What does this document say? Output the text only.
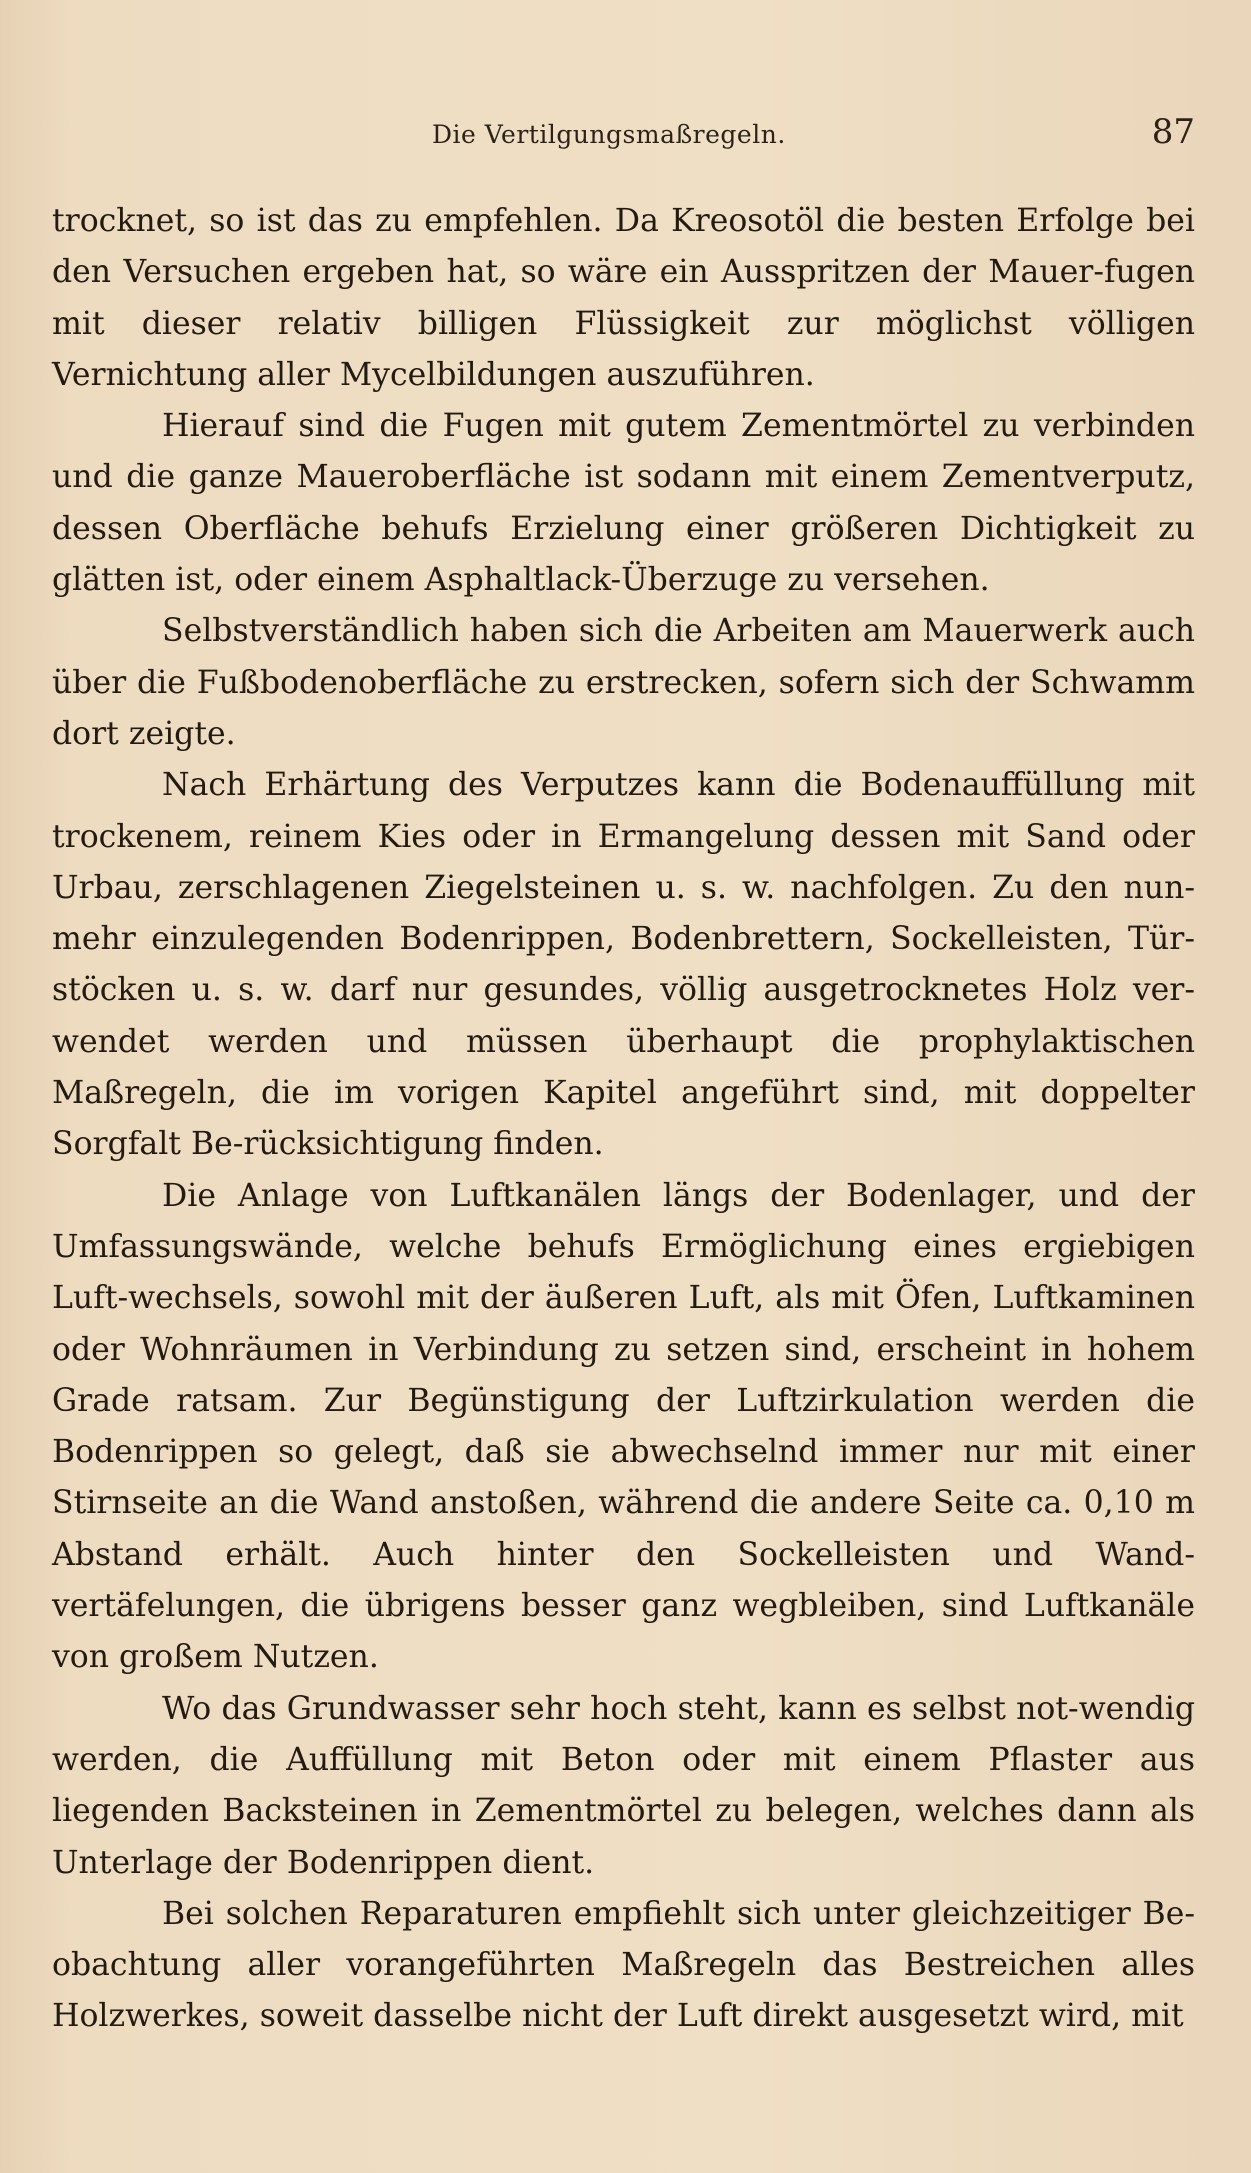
Die Vertilgungsmaßregeln.	87

trocknet, so ist das zu empfehlen. Da Kreosotöl die besten Erfolge bei den Versuchen ergeben hat, so wäre ein Ausspritzen der Mauer-fugen mit dieser relativ billigen Flüssigkeit zur möglichst völligen Vernichtung aller Mycelbildungen auszuführen.

Hierauf sind die Fugen mit gutem Zementmörtel zu verbinden und die ganze Maueroberfläche ist sodann mit einem Zementverputz, dessen Oberfläche behufs Erzielung einer größeren Dichtigkeit zu glätten ist, oder einem Asphaltlack-Überzuge zu versehen.

Selbstverständlich haben sich die Arbeiten am Mauerwerk auch über die Fußbodenoberfläche zu erstrecken, sofern sich der Schwamm dort zeigte.

Nach Erhärtung des Verputzes kann die Bodenauffüllung mit trockenem, reinem Kies oder in Ermangelung dessen mit Sand oder Urbau, zerschlagenen Ziegelsteinen u. s. w. nachfolgen. Zu den nun-mehr einzulegenden Bodenrippen, Bodenbrettern, Sockelleisten, Tür-stöcken u. s. w. darf nur gesundes, völlig ausgetrocknetes Holz ver-wendet werden und müssen überhaupt die prophylaktischen Maßregeln, die im vorigen Kapitel angeführt sind, mit doppelter Sorgfalt Be-rücksichtigung finden.

Die Anlage von Luftkanälen längs der Bodenlager, und der Umfassungswände, welche behufs Ermöglichung eines ergiebigen Luft-wechsels, sowohl mit der äußeren Luft, als mit Öfen, Luftkaminen oder Wohnräumen in Verbindung zu setzen sind, erscheint in hohem Grade ratsam. Zur Begünstigung der Luftzirkulation werden die Bodenrippen so gelegt, daß sie abwechselnd immer nur mit einer Stirnseite an die Wand anstoßen, während die andere Seite ca. 0,10 m Abstand erhält. Auch hinter den Sockelleisten und Wand-vertäfelungen, die übrigens besser ganz wegbleiben, sind Luftkanäle von großem Nutzen.

Wo das Grundwasser sehr hoch steht, kann es selbst not-wendig werden, die Auffüllung mit Beton oder mit einem Pflaster aus liegenden Backsteinen in Zementmörtel zu belegen, welches dann als Unterlage der Bodenrippen dient.

Bei solchen Reparaturen empfiehlt sich unter gleichzeitiger Be-obachtung aller vorangeführten Maßregeln das Bestreichen alles Holzwerkes, soweit dasselbe nicht der Luft direkt ausgesetzt wird, mit
